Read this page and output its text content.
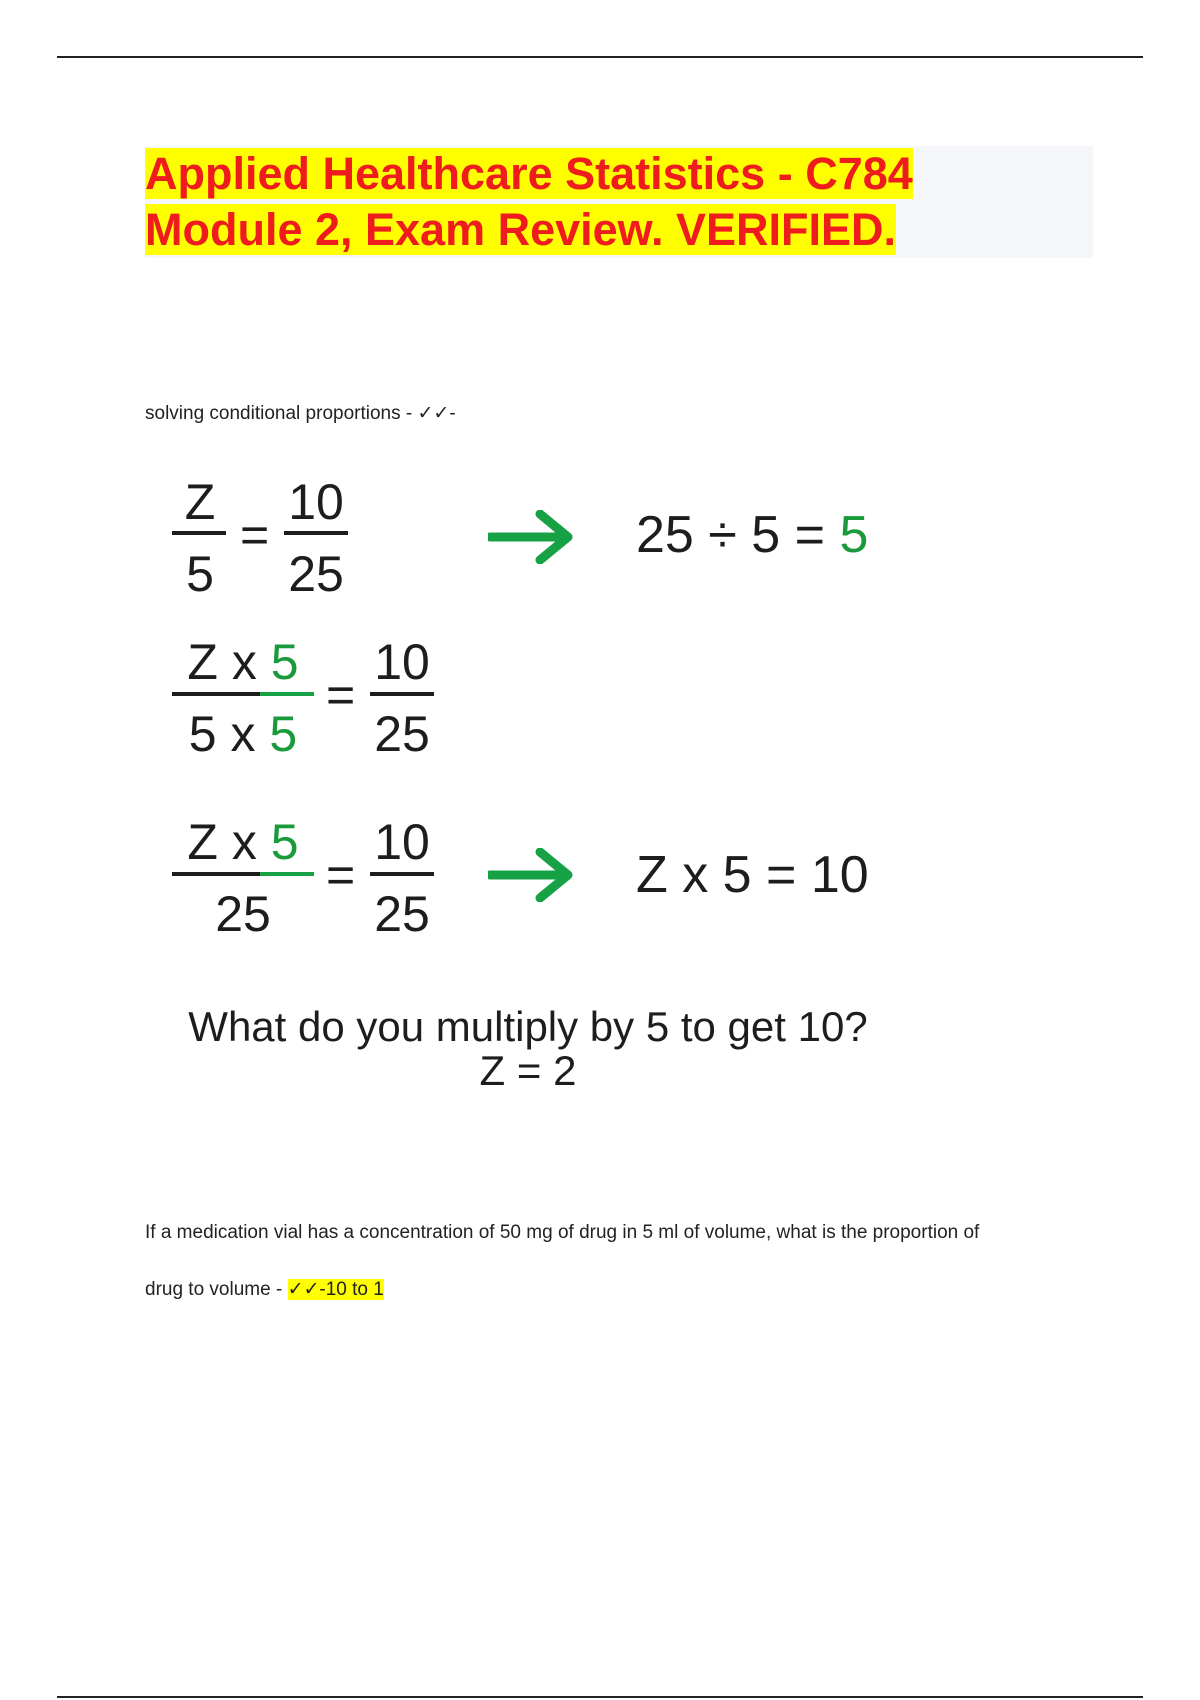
Applied Healthcare Statistics - C784
Module 2, Exam Review. VERIFIED.
solving conditional proportions - ✓✓-
Z
5
=
10
25
25 ÷ 5 = 5
Z x 5
5 x 5
=
10
25
Z x 5
25
=
10
25
Z x 5 = 10
What do you multiply by 5 to get 10?
Z = 2
If a medication vial has a concentration of 50 mg of drug in 5 ml of volume, what is the proportion of
drug to volume - ✓✓-10 to 1
